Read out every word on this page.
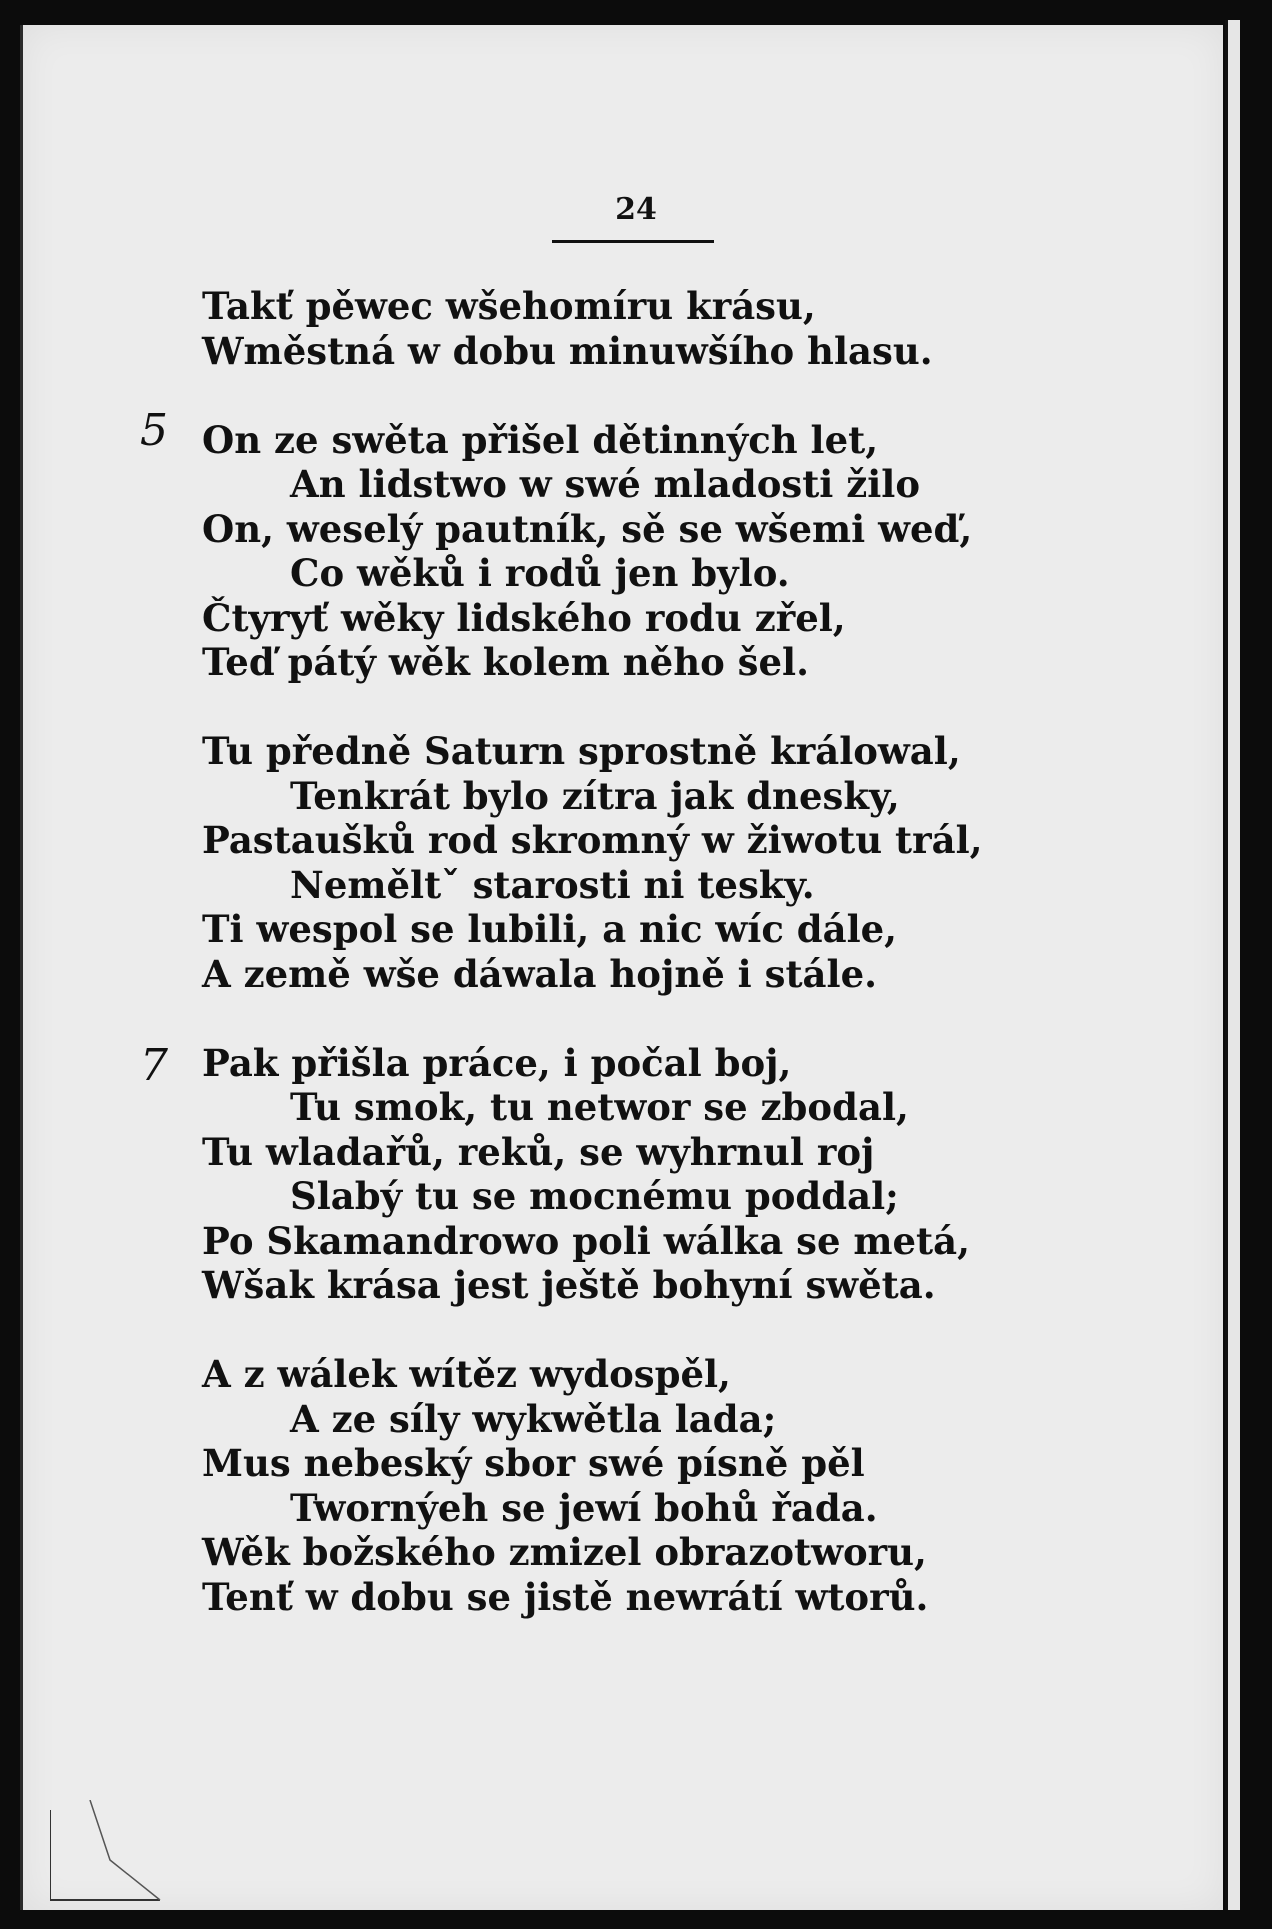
24
5
7
Takť pěwec wšehomíru krásu,
Wměstná w dobu minuwšího hlasu.
On ze swěta přišel dětinných let,
An lidstwo w swé mladosti žilo
On, weselý pautník, sě se wšemi weď,
Co wěků i rodů jen bylo.
Čtyryť wěky lidského rodu zřel,
Teď pátý wěk kolem něho šel.
Tu předně Saturn sprostně králowal,
Tenkrát bylo zítra jak dnesky,
Pastaušků rod skromný w žiwotu trál,
Neměltˇ starosti ni tesky.
Ti wespol se lubili, a nic wíc dále,
A země wše dáwala hojně i stále.
Pak přišla práce, i počal boj,
Tu smok, tu networ se zbodal,
Tu wladařů, reků, se wyhrnul roj
Slabý tu se mocnému poddal;
Po Skamandrowo poli wálka se metá,
Wšak krása jest ještě bohyní swěta.
A z wálek wítěz wydospěl,
A ze síly wykwětla lada;
Mus nebeský sbor swé písně pěl
Twornýeh se jewí bohů řada.
Wěk božského zmizel obrazotworu,
Tenť w dobu se jistě newrátí wtorů.
